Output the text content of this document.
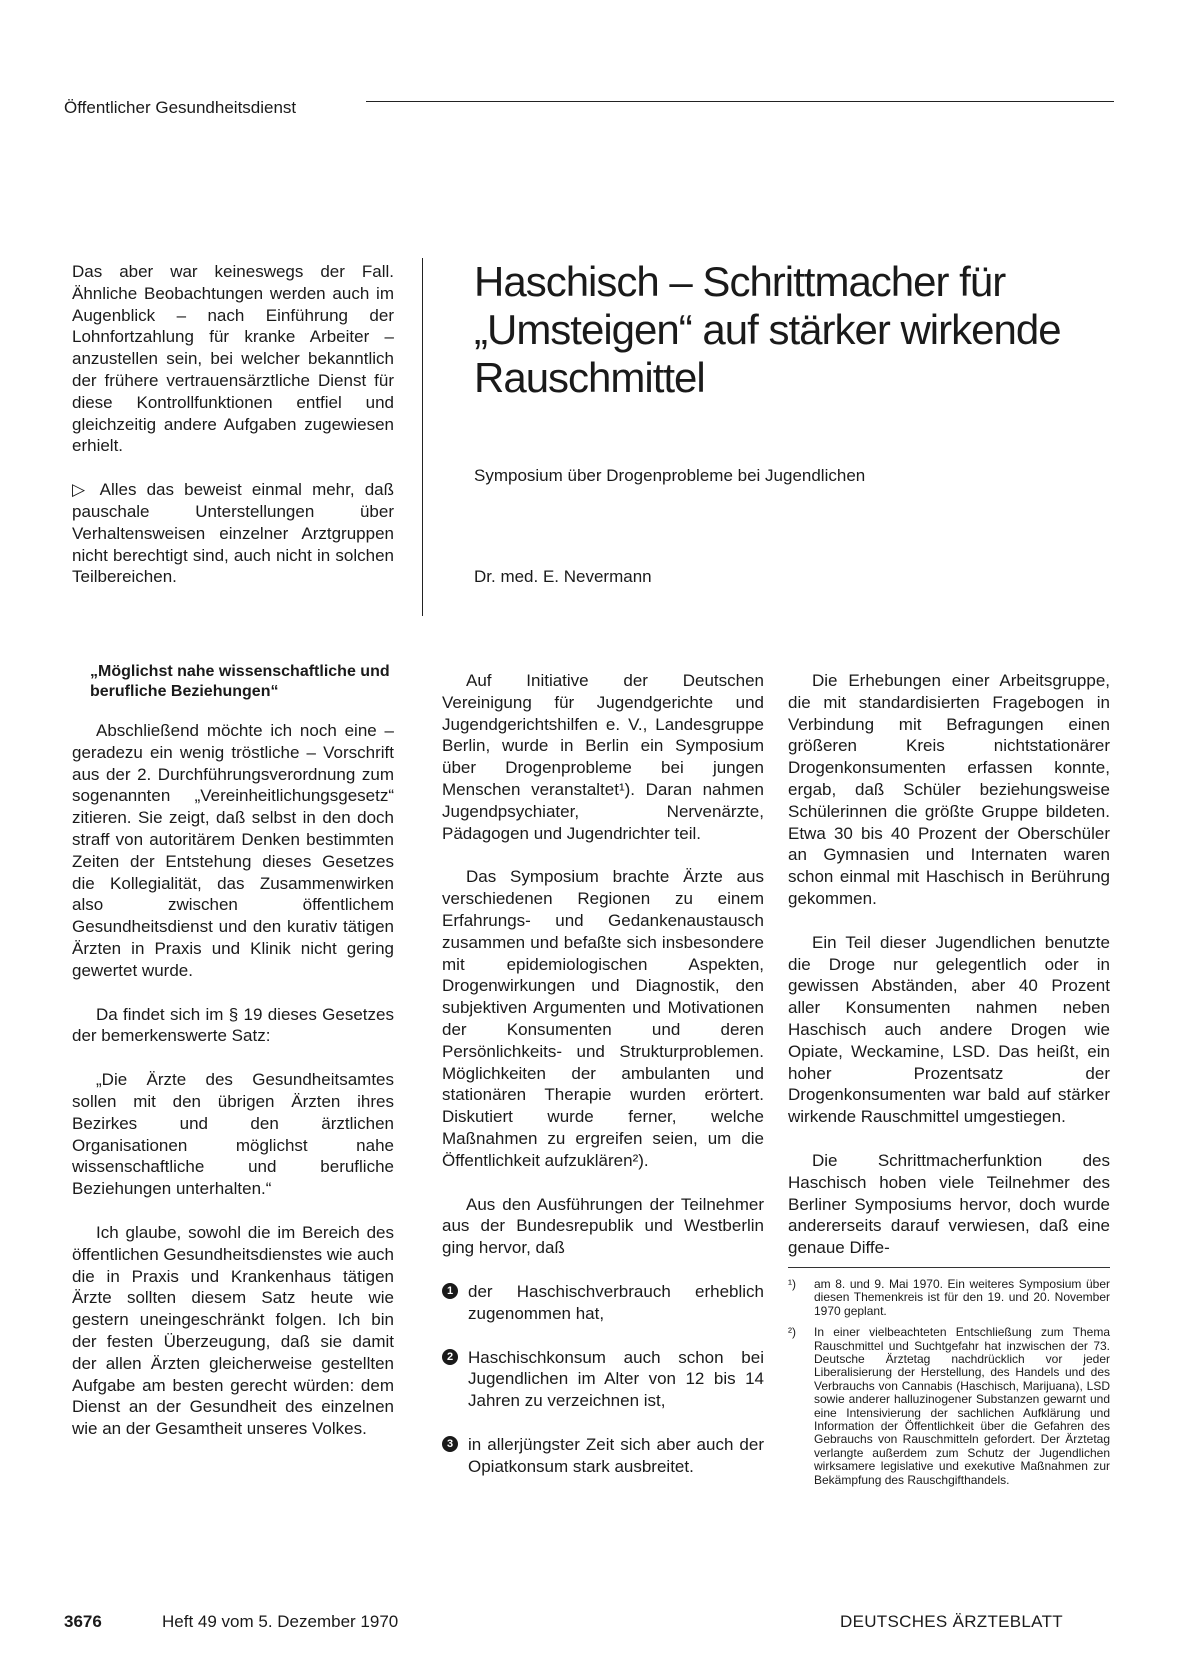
Öffentlicher Gesundheitsdienst

Das aber war keineswegs der Fall. Ähnliche Beobachtungen werden auch im Augenblick – nach Einführung der Lohnfortzahlung für kranke Arbeiter – anzustellen sein, bei welcher bekanntlich der frühere vertrauensärztliche Dienst für diese Kontrollfunktionen entfiel und gleichzeitig andere Aufgaben zugewiesen erhielt.

▷ Alles das beweist einmal mehr, daß pauschale Unterstellungen über Verhaltensweisen einzelner Arztgruppen nicht berechtigt sind, auch nicht in solchen Teilbereichen.

Haschisch – Schrittmacher für „Umsteigen“ auf stärker wirkende Rauschmittel
Symposium über Drogenprobleme bei Jugendlichen
Dr. med. E. Nevermann
„Möglichst nahe wissenschaftliche und berufliche Beziehungen“

Abschließend möchte ich noch eine – geradezu ein wenig tröstliche – Vorschrift aus der 2. Durchführungsverordnung zum sogenannten „Vereinheitlichungsgesetz“ zitieren. Sie zeigt, daß selbst in den doch straff von autoritärem Denken bestimmten Zeiten der Entstehung dieses Gesetzes die Kollegialität, das Zusammenwirken also zwischen öffentlichem Gesundheitsdienst und den kurativ tätigen Ärzten in Praxis und Klinik nicht gering gewertet wurde.

Da findet sich im § 19 dieses Gesetzes der bemerkenswerte Satz:

„Die Ärzte des Gesundheitsamtes sollen mit den übrigen Ärzten ihres Bezirkes und den ärztlichen Organisationen möglichst nahe wissenschaftliche und berufliche Beziehungen unterhalten.“

Ich glaube, sowohl die im Bereich des öffentlichen Gesundheitsdienstes wie auch die in Praxis und Krankenhaus tätigen Ärzte sollten diesem Satz heute wie gestern uneingeschränkt folgen. Ich bin der festen Überzeugung, daß sie damit der allen Ärzten gleicherweise gestellten Aufgabe am besten gerecht würden: dem Dienst an der Gesundheit des einzelnen wie an der Gesamtheit unseres Volkes.

Auf Initiative der Deutschen Vereinigung für Jugendgerichte und Jugendgerichtshilfen e. V., Landesgruppe Berlin, wurde in Berlin ein Symposium über Drogenprobleme bei jungen Menschen veranstaltet¹). Daran nahmen Jugendpsychiater, Nervenärzte, Pädagogen und Jugendrichter teil.

Das Symposium brachte Ärzte aus verschiedenen Regionen zu einem Erfahrungs- und Gedankenaustausch zusammen und befaßte sich insbesondere mit epidemiologischen Aspekten, Drogenwirkungen und Diagnostik, den subjektiven Argumenten und Motivationen der Konsumenten und deren Persönlichkeits- und Strukturproblemen. Möglichkeiten der ambulanten und stationären Therapie wurden erörtert. Diskutiert wurde ferner, welche Maßnahmen zu ergreifen seien, um die Öffentlichkeit aufzuklären²).

Aus den Ausführungen der Teilnehmer aus der Bundesrepublik und Westberlin ging hervor, daß

1 der Haschischverbrauch erheblich zugenommen hat,
2 Haschischkonsum auch schon bei Jugendlichen im Alter von 12 bis 14 Jahren zu verzeichnen ist,
3 in allerjüngster Zeit sich aber auch der Opiatkonsum stark ausbreitet.

Die Erhebungen einer Arbeitsgruppe, die mit standardisierten Fragebogen in Verbindung mit Befragungen einen größeren Kreis nichtstationärer Drogenkonsumenten erfassen konnte, ergab, daß Schüler beziehungsweise Schülerinnen die größte Gruppe bildeten. Etwa 30 bis 40 Prozent der Oberschüler an Gymnasien und Internaten waren schon einmal mit Haschisch in Berührung gekommen.

Ein Teil dieser Jugendlichen benutzte die Droge nur gelegentlich oder in gewissen Abständen, aber 40 Prozent aller Konsumenten nahmen neben Haschisch auch andere Drogen wie Opiate, Weckamine, LSD. Das heißt, ein hoher Prozentsatz der Drogenkonsumenten war bald auf stärker wirkende Rauschmittel umgestiegen.

Die Schrittmacherfunktion des Haschisch hoben viele Teilnehmer des Berliner Symposiums hervor, doch wurde andererseits darauf verwiesen, daß eine genaue Diffe-

¹) am 8. und 9. Mai 1970. Ein weiteres Symposium über diesen Themenkreis ist für den 19. und 20. November 1970 geplant.
²) In einer vielbeachteten Entschließung zum Thema Rauschmittel und Suchtgefahr hat inzwischen der 73. Deutsche Ärztetag nachdrücklich vor jeder Liberalisierung der Herstellung, des Handels und des Verbrauchs von Cannabis (Haschisch, Marijuana), LSD sowie anderer halluzinogener Substanzen gewarnt und eine Intensivierung der sachlichen Aufklärung und Information der Öffentlichkeit über die Gefahren des Gebrauchs von Rauschmitteln gefordert. Der Ärztetag verlangte außerdem zum Schutz der Jugendlichen wirksamere legislative und exekutive Maßnahmen zur Bekämpfung des Rauschgifthandels.
3676	Heft 49 vom 5. Dezember 1970	DEUTSCHES ÄRZTEBLATT
